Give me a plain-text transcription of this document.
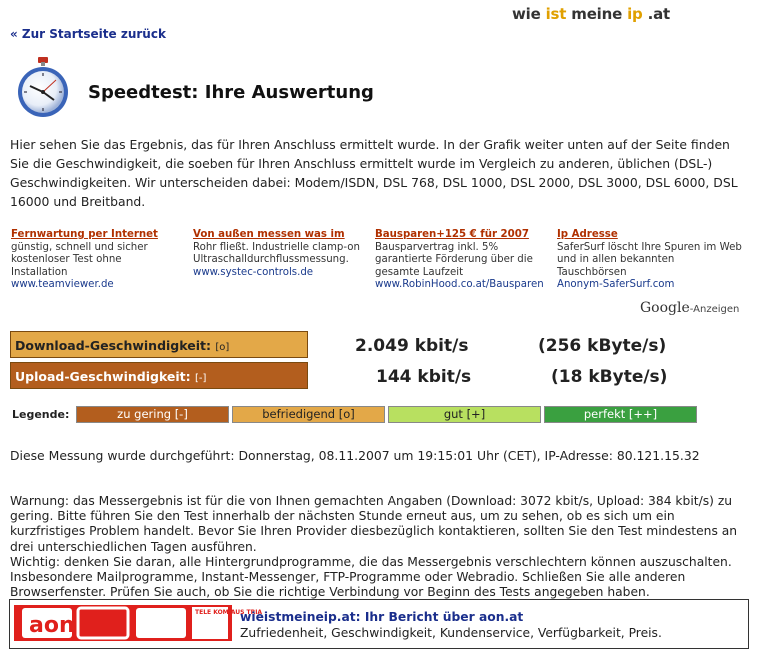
wie ist meine ip .at
« Zur Startseite zurück
Speedtest: Ihre Auswertung

Hier sehen Sie das Ergebnis, das für Ihren Anschluss ermittelt wurde. In der Grafik weiter unten auf der Seite finden Sie die Geschwindigkeit, die soeben für Ihren Anschluss ermittelt wurde im Vergleich zu anderen, üblichen (DSL-) Geschwindigkeiten. Wir unterscheiden dabei: Modem/ISDN, DSL 768, DSL 1000, DSL 2000, DSL 3000, DSL 6000, DSL 16000 und Breitband.

Fernwartung per Internet
günstig, schnell und sicher kostenloser Test ohne Installation
www.teamviewer.de
Von außen messen was im
Rohr fließt. Industrielle clamp-on Ultraschalldurchflussmessung.
www.systec-controls.de
Bausparen+125 € für 2007
Bausparvertrag inkl. 5% garantierte Förderung über die gesamte Laufzeit
www.RobinHood.co.at/Bausparen
Ip Adresse
SaferSurf löscht Ihre Spuren im Web und in allen bekannten Tauschbörsen
Anonym-SaferSurf.com
Google-Anzeigen
Download-Geschwindigkeit: [o]	2.049 kbit/s	(256 kByte/s)
Upload-Geschwindigkeit: [-]	144 kbit/s	(18 kByte/s)
Legende:	zu gering [-]	befriedigend [o]	gut [+]	perfekt [++]

Diese Messung wurde durchgeführt: Donnerstag, 08.11.2007 um 19:15:01 Uhr (CET), IP-Adresse: 80.121.15.32

Warnung: das Messergebnis ist für die von Ihnen gemachten Angaben (Download: 3072 kbit/s, Upload: 384 kbit/s) zu gering. Bitte führen Sie den Test innerhalb der nächsten Stunde erneut aus, um zu sehen, ob es sich um ein kurzfristiges Problem handelt. Bevor Sie Ihren Provider diesbezüglich kontaktieren, sollten Sie den Test mindestens an drei unterschiedlichen Tagen ausführen.
Wichtig: denken Sie daran, alle Hintergrundprogramme, die das Messergebnis verschlechtern können auszuschalten. Insbesondere Mailprogramme, Instant-Messenger, FTP-Programme oder Webradio. Schließen Sie alle anderen Browserfenster. Prüfen Sie auch, ob Sie die richtige Verbindung vor Beginn des Tests angegeben haben.

TELE KOM AUS TRIA
aon	wieistmeineip.at: Ihr Bericht über aon.at
Zufriedenheit, Geschwindigkeit, Kundenservice, Verfügbarkeit, Preis.
